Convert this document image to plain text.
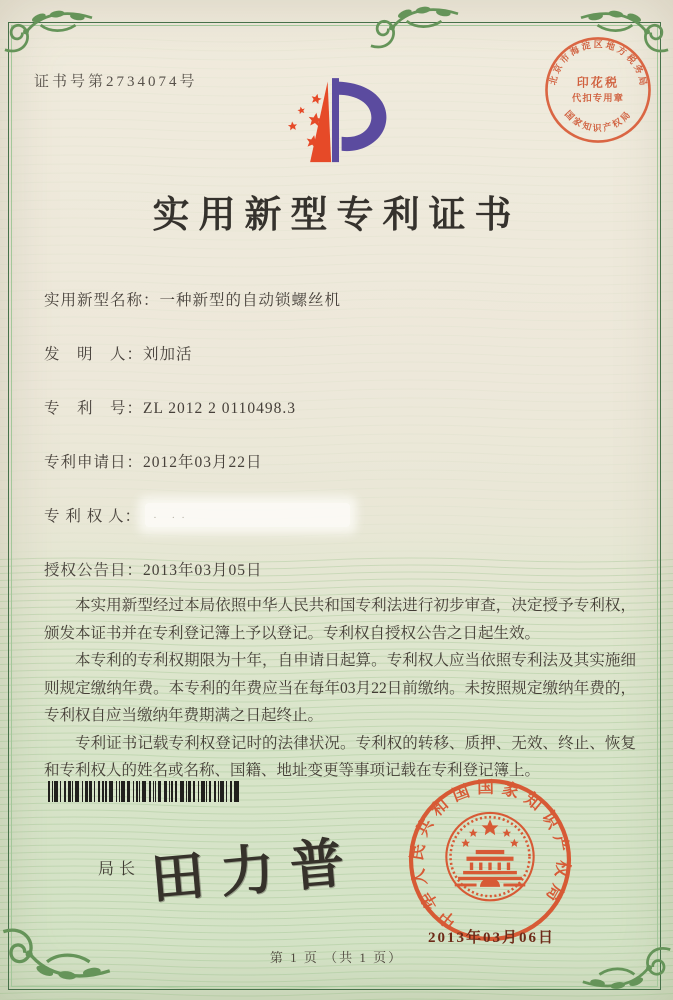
证书号第2734074号
实用新型专利证书
实用新型名称：一种新型的自动锁螺丝机
发　明　人：刘加活
专　利　号：ZL 2012 2 0110498.3
专利申请日：2012年03月22日
专 利 权 人： · ··
授权公告日：2013年03月05日

本实用新型经过本局依照中华人民共和国专利法进行初步审查，决定授予专利权，颁发本证书并在专利登记簿上予以登记。专利权自授权公告之日起生效。

本专利的专利权期限为十年，自申请日起算。专利权人应当依照专利法及其实施细则规定缴纳年费。本专利的年费应当在每年03月22日前缴纳。未按照规定缴纳年费的，专利权自应当缴纳年费期满之日起终止。

专利证书记载专利权登记时的法律状况。专利权的转移、质押、无效、终止、恢复和专利权人的姓名或名称、国籍、地址变更等事项记载在专利登记簿上。

局长 田力普
中华人民共和国国家知识产权局
2013年03月06日
北京市海淀区地方税务局
国家知识产权局
印花税
代扣专用章
第 1 页 （共 1 页）
